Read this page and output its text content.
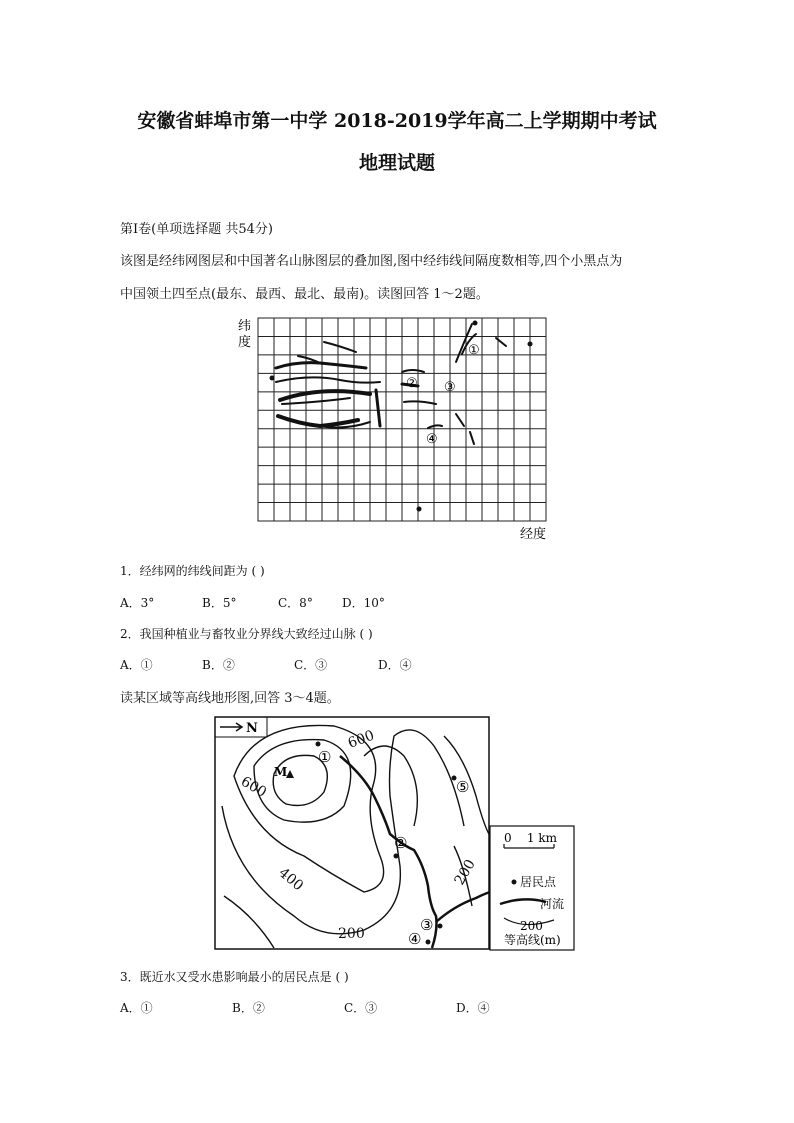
安徽省蚌埠市第一中学 2018-2019学年高二上学期期中考试
地理试题
第Ⅰ卷(单项选择题 共54分)
该图是经纬网图层和中国著名山脉图层的叠加图,图中经纬线间隔度数相等,四个小黑点为
中国领土四至点(最东、最西、最北、最南)。读图回答 1～2题。
纬
度
经度
①
② ③
④
1．经纬网的纬线间距为 ( )
A．3°	B．5°	C．8° D．10°
2．我国种植业与畜牧业分界线大致经过山脉 ( )
A．①	B．②	C．③	D．④
读某区域等高线地形图,回答 3～4题。
N
M
600
600
400
200
200
①
②
③
④
⑤
0    1 km
居民点
河流
200
等高线(m)
3．既近水又受水患影响最小的居民点是 ( )
A．①	B．②	C．③	D．④
